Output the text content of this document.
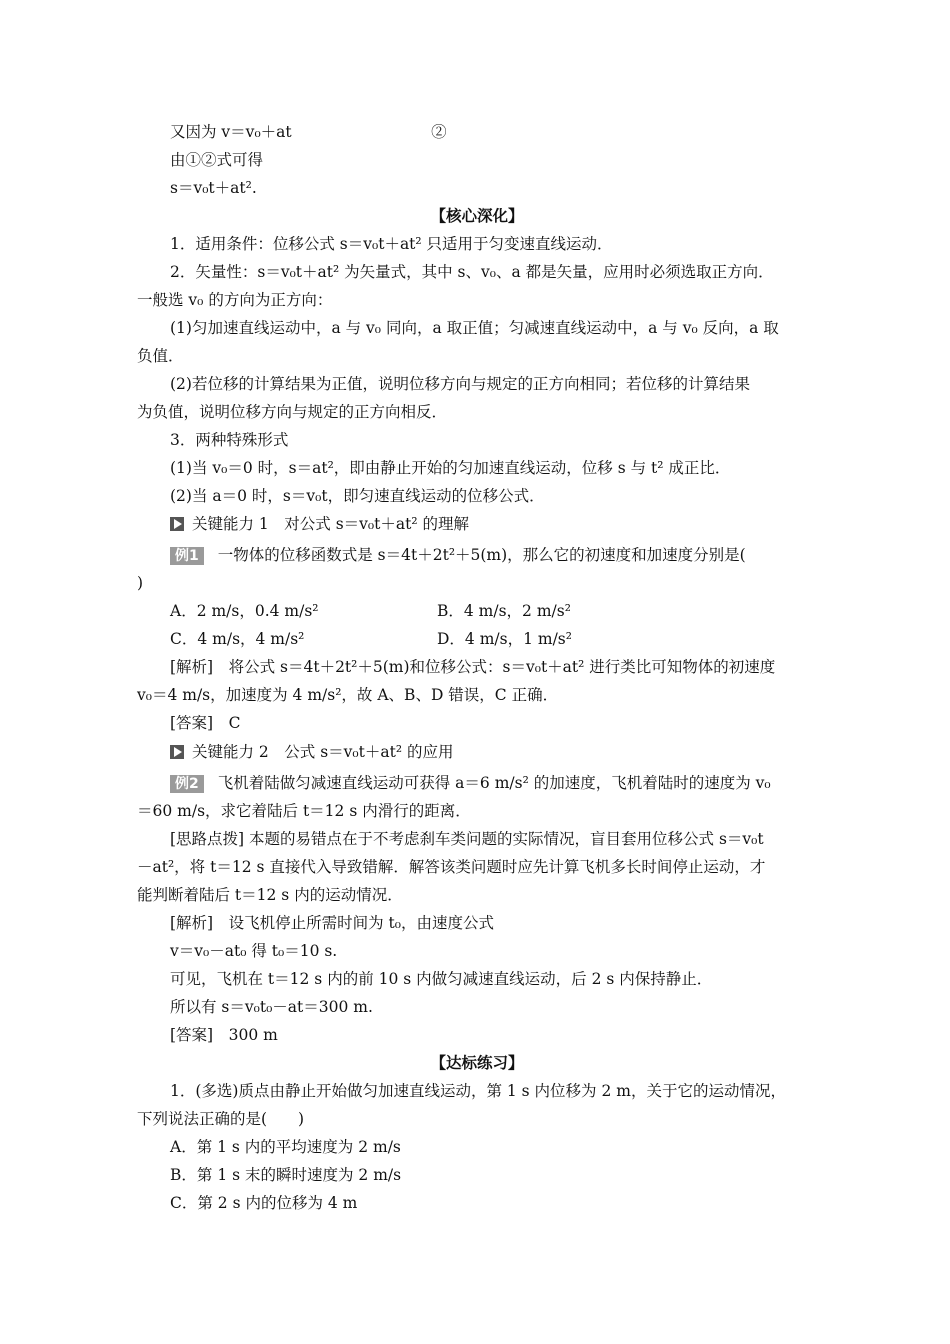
又因为 v＝v₀＋at　　　　　　　　　②
由①②式可得
s＝v₀t＋at².
【核心深化】
1．适用条件：位移公式 s＝v₀t＋at² 只适用于匀变速直线运动．
2．矢量性：s＝v₀t＋at² 为矢量式，其中 s、v₀、a 都是矢量，应用时必须选取正方向．
一般选 v₀ 的方向为正方向：
(1)匀加速直线运动中，a 与 v₀ 同向，a 取正值；匀减速直线运动中，a 与 v₀ 反向，a 取
负值．
(2)若位移的计算结果为正值，说明位移方向与规定的正方向相同；若位移的计算结果
为负值，说明位移方向与规定的正方向相反．
3．两种特殊形式
(1)当 v₀＝0 时，s＝at²，即由静止开始的匀加速直线运动，位移 s 与 t² 成正比．
(2)当 a＝0 时，s＝v₀t，即匀速直线运动的位移公式．
关键能力 1　对公式 s＝v₀t＋at² 的理解
例1 一物体的位移函数式是 s＝4t＋2t²＋5(m)，那么它的初速度和加速度分别是(
)
A．2 m/s，0.4 m/s²	B．4 m/s，2 m/s²
C．4 m/s，4 m/s²	D．4 m/s，1 m/s²
[解析]　将公式 s＝4t＋2t²＋5(m)和位移公式：s＝v₀t＋at² 进行类比可知物体的初速度
v₀＝4 m/s，加速度为 4 m/s²，故 A、B、D 错误，C 正确．
[答案]　C
关键能力 2　公式 s＝v₀t＋at² 的应用
例2 飞机着陆做匀减速直线运动可获得 a＝6 m/s² 的加速度，飞机着陆时的速度为 v₀
＝60 m/s，求它着陆后 t＝12 s 内滑行的距离．
[思路点拨] 本题的易错点在于不考虑刹车类问题的实际情况，盲目套用位移公式 s＝v₀t
－at²，将 t＝12 s 直接代入导致错解．解答该类问题时应先计算飞机多长时间停止运动，才
能判断着陆后 t＝12 s 内的运动情况．
[解析]　设飞机停止所需时间为 t₀，由速度公式
v＝v₀－at₀ 得 t₀＝10 s.
可见，飞机在 t＝12 s 内的前 10 s 内做匀减速直线运动，后 2 s 内保持静止．
所以有 s＝v₀t₀－at＝300 m.
[答案]　300 m
【达标练习】
1．(多选)质点由静止开始做匀加速直线运动，第 1 s 内位移为 2 m，关于它的运动情况，
下列说法正确的是(　　)
A．第 1 s 内的平均速度为 2 m/s
B．第 1 s 末的瞬时速度为 2 m/s
C．第 2 s 内的位移为 4 m
